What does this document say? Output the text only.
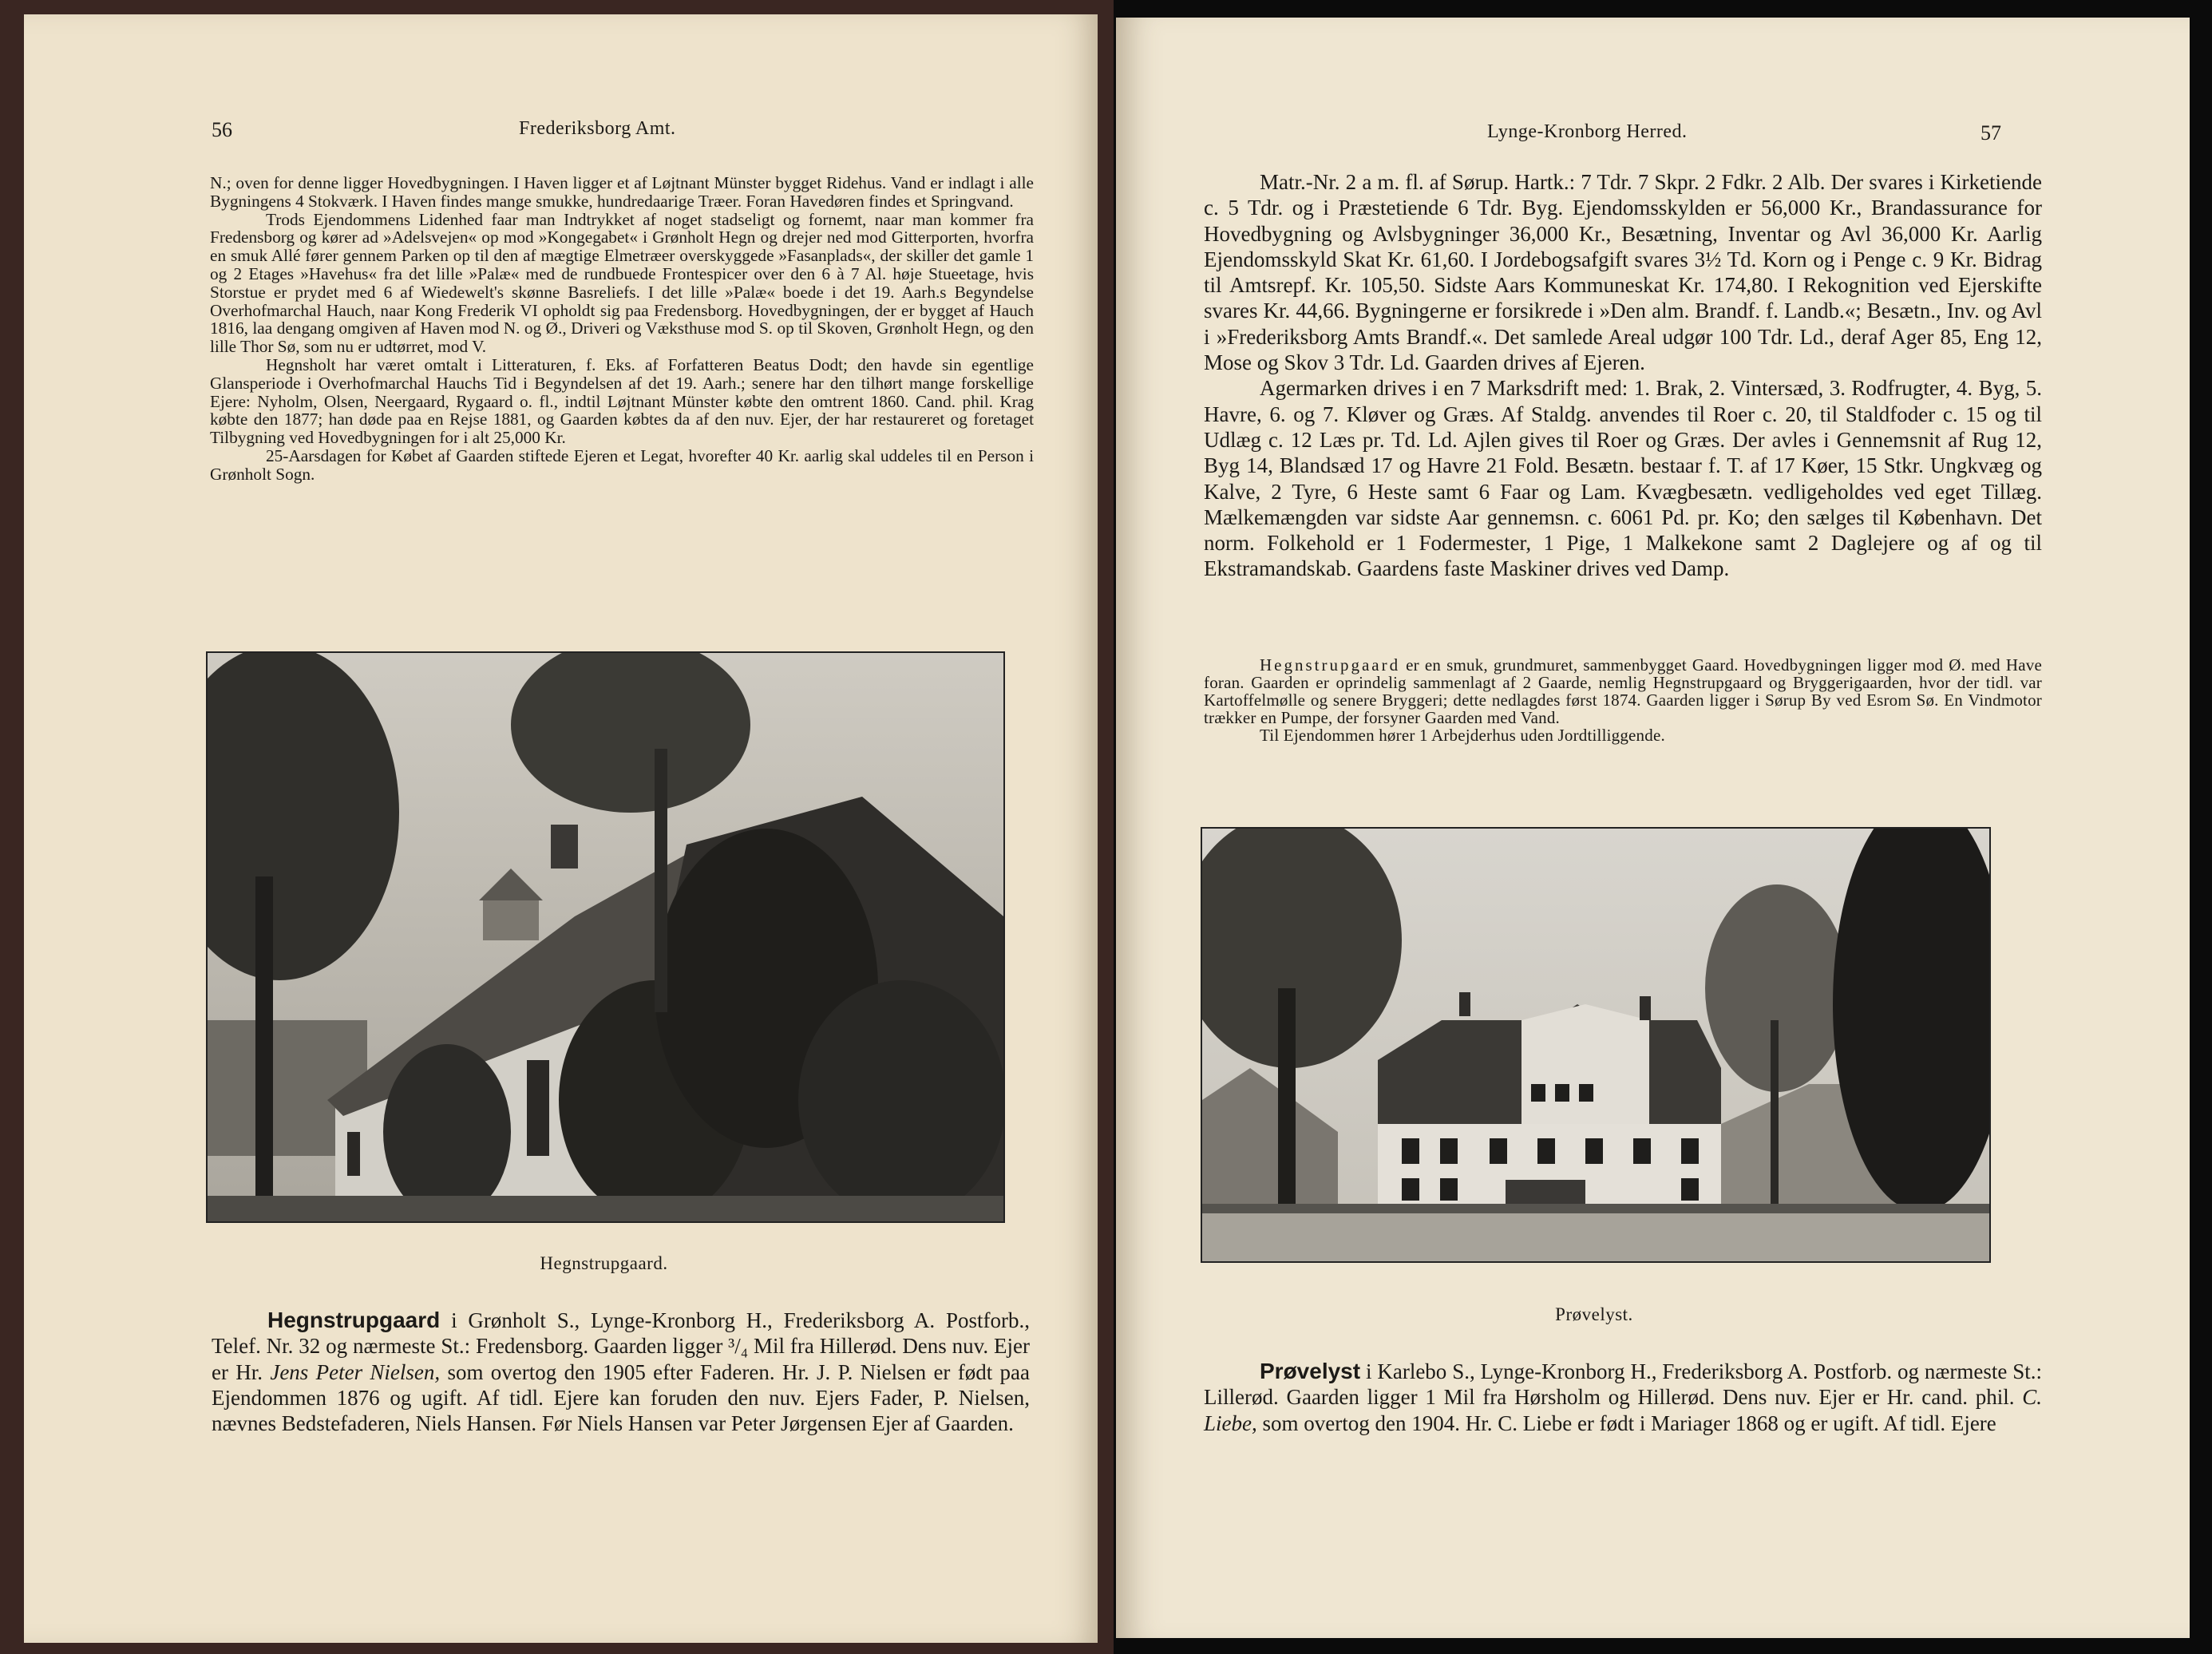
56	Frederiksborg Amt.

N.; oven for denne ligger Hovedbygningen. I Haven ligger et af Løjtnant Münster bygget Ridehus. Vand er indlagt i alle Bygningens 4 Stokværk. I Haven findes mange smukke, hundredaarige Træer. Foran Havedøren findes et Springvand.

Trods Ejendommens Lidenhed faar man Indtrykket af noget stadseligt og fornemt, naar man kommer fra Fredensborg og kører ad »Adelsvejen« op mod »Kongegabet« i Grønholt Hegn og drejer ned mod Gitterporten, hvorfra en smuk Allé fører gennem Parken op til den af mægtige Elmetræer overskyggede »Fasanplads«, der skiller det gamle 1 og 2 Etages »Havehus« fra det lille »Palæ« med de rundbuede Frontespicer over den 6 à 7 Al. høje Stueetage, hvis Storstue er prydet med 6 af Wiedewelt's skønne Basreliefs. I det lille »Palæ« boede i det 19. Aarh.s Begyndelse Overhofmarchal Hauch, naar Kong Frederik VI opholdt sig paa Fredensborg. Hovedbygningen, der er bygget af Hauch 1816, laa dengang omgiven af Haven mod N. og Ø., Driveri og Væksthuse mod S. op til Skoven, Grønholt Hegn, og den lille Thor Sø, som nu er udtørret, mod V.

Hegnsholt har været omtalt i Litteraturen, f. Eks. af Forfatteren Beatus Dodt; den havde sin egentlige Glansperiode i Overhofmarchal Hauchs Tid i Begyndelsen af det 19. Aarh.; senere har den tilhørt mange forskellige Ejere: Nyholm, Olsen, Neergaard, Rygaard o. fl., indtil Løjtnant Münster købte den omtrent 1860. Cand. phil. Krag købte den 1877; han døde paa en Rejse 1881, og Gaarden købtes da af den nuv. Ejer, der har restaureret og foretaget Tilbygning ved Hovedbygningen for i alt 25,000 Kr.

25-Aarsdagen for Købet af Gaarden stiftede Ejeren et Legat, hvorefter 40 Kr. aarlig skal uddeles til en Person i Grønholt Sogn.

Hegnstrupgaard.

Hegnstrupgaard i Grønholt S., Lynge-Kronborg H., Frederiksborg A. Postforb., Telef. Nr. 32 og nærmeste St.: Fredensborg. Gaarden ligger ³/₄ Mil fra Hillerød. Dens nuv. Ejer er Hr. Jens Peter Nielsen, som overtog den 1905 efter Faderen. Hr. J. P. Nielsen er født paa Ejendommen 1876 og ugift. Af tidl. Ejere kan foruden den nuv. Ejers Fader, P. Nielsen, nævnes Bedstefaderen, Niels Hansen. Før Niels Hansen var Peter Jørgensen Ejer af Gaarden.

Lynge-Kronborg Herred.	57

Matr.-Nr. 2 a m. fl. af Sørup. Hartk.: 7 Tdr. 7 Skpr. 2 Fdkr. 2 Alb. Der svares i Kirketiende c. 5 Tdr. og i Præstetiende 6 Tdr. Byg. Ejendomsskylden er 56,000 Kr., Brandassurance for Hovedbygning og Avlsbygninger 36,000 Kr., Besætning, Inventar og Avl 36,000 Kr. Aarlig Ejendomsskyld Skat Kr. 61,60. I Jordebogsafgift svares 3½ Td. Korn og i Penge c. 9 Kr. Bidrag til Amtsrepf. Kr. 105,50. Sidste Aars Kommuneskat Kr. 174,80. I Rekognition ved Ejerskifte svares Kr. 44,66. Bygningerne er forsikrede i »Den alm. Brandf. f. Landb.«; Besætn., Inv. og Avl i »Frederiksborg Amts Brandf.«. Det samlede Areal udgør 100 Tdr. Ld., deraf Ager 85, Eng 12, Mose og Skov 3 Tdr. Ld. Gaarden drives af Ejeren.

Agermarken drives i en 7 Marksdrift med: 1. Brak, 2. Vintersæd, 3. Rodfrugter, 4. Byg, 5. Havre, 6. og 7. Kløver og Græs. Af Staldg. anvendes til Roer c. 20, til Staldfoder c. 15 og til Udlæg c. 12 Læs pr. Td. Ld. Ajlen gives til Roer og Græs. Der avles i Gennemsnit af Rug 12, Byg 14, Blandsæd 17 og Havre 21 Fold. Besætn. bestaar f. T. af 17 Køer, 15 Stkr. Ungkvæg og Kalve, 2 Tyre, 6 Heste samt 6 Faar og Lam. Kvægbesætn. vedligeholdes ved eget Tillæg. Mælkemængden var sidste Aar gennemsn. c. 6061 Pd. pr. Ko; den sælges til København. Det norm. Folkehold er 1 Fodermester, 1 Pige, 1 Malkekone samt 2 Daglejere og af og til Ekstramandskab. Gaardens faste Maskiner drives ved Damp.

Hegnstrupgaard er en smuk, grundmuret, sammenbygget Gaard. Hovedbygningen ligger mod Ø. med Have foran. Gaarden er oprindelig sammenlagt af 2 Gaarde, nemlig Hegnstrupgaard og Bryggerigaarden, hvor der tidl. var Kartoffelmølle og senere Bryggeri; dette nedlagdes først 1874. Gaarden ligger i Sørup By ved Esrom Sø. En Vindmotor trækker en Pumpe, der forsyner Gaarden med Vand.

Til Ejendommen hører 1 Arbejderhus uden Jordtilliggende.

Prøvelyst.

Prøvelyst i Karlebo S., Lynge-Kronborg H., Frederiksborg A. Postforb. og nærmeste St.: Lillerød. Gaarden ligger 1 Mil fra Hørsholm og Hillerød. Dens nuv. Ejer er Hr. cand. phil. C. Liebe, som overtog den 1904. Hr. C. Liebe er født i Mariager 1868 og er ugift. Af tidl. Ejere
